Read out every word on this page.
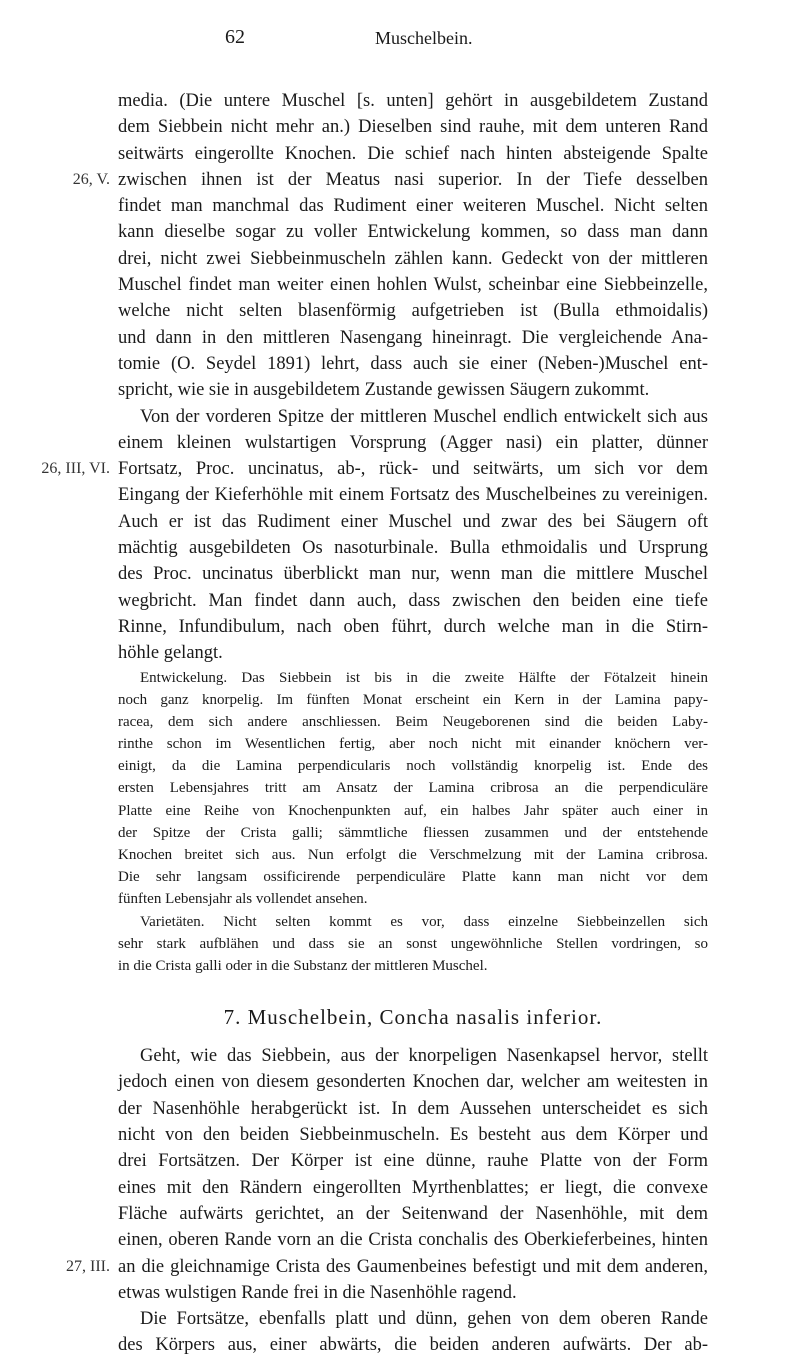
62	Muschelbein.
media. (Die untere Muschel [s. unten] gehört in ausgebildetem Zustand
dem Siebbein nicht mehr an.) Dieselben sind rauhe, mit dem unteren Rand
seitwärts eingerollte Knochen. Die schief nach hinten absteigende Spalte
26, V. zwischen ihnen ist der Meatus nasi superior. In der Tiefe desselben
findet man manchmal das Rudiment einer weiteren Muschel. Nicht selten
kann dieselbe sogar zu voller Entwickelung kommen, so dass man dann
drei, nicht zwei Siebbeinmuscheln zählen kann. Gedeckt von der mittleren
Muschel findet man weiter einen hohlen Wulst, scheinbar eine Siebbeinzelle,
welche nicht selten blasenförmig aufgetrieben ist (Bulla ethmoidalis)
und dann in den mittleren Nasengang hineinragt. Die vergleichende Ana-
tomie (O. Seydel 1891) lehrt, dass auch sie einer (Neben-)Muschel ent-
spricht, wie sie in ausgebildetem Zustande gewissen Säugern zukommt.
Von der vorderen Spitze der mittleren Muschel endlich entwickelt sich aus
einem kleinen wulstartigen Vorsprung (Agger nasi) ein platter, dünner
26, III, VI. Fortsatz, Proc. uncinatus, ab-, rück- und seitwärts, um sich vor dem
Eingang der Kieferhöhle mit einem Fortsatz des Muschelbeines zu vereinigen.
Auch er ist das Rudiment einer Muschel und zwar des bei Säugern oft
mächtig ausgebildeten Os nasoturbinale. Bulla ethmoidalis und Ursprung
des Proc. uncinatus überblickt man nur, wenn man die mittlere Muschel
wegbricht. Man findet dann auch, dass zwischen den beiden eine tiefe
Rinne, Infundibulum, nach oben führt, durch welche man in die Stirn-
höhle gelangt.
Entwickelung. Das Siebbein ist bis in die zweite Hälfte der Fötalzeit hinein
noch ganz knorpelig. Im fünften Monat erscheint ein Kern in der Lamina papy-
racea, dem sich andere anschliessen. Beim Neugeborenen sind die beiden Laby-
rinthe schon im Wesentlichen fertig, aber noch nicht mit einander knöchern ver-
einigt, da die Lamina perpendicularis noch vollständig knorpelig ist. Ende des
ersten Lebensjahres tritt am Ansatz der Lamina cribrosa an die perpendiculäre
Platte eine Reihe von Knochenpunkten auf, ein halbes Jahr später auch einer in
der Spitze der Crista galli; sämmtliche fliessen zusammen und der entstehende
Knochen breitet sich aus. Nun erfolgt die Verschmelzung mit der Lamina cribrosa.
Die sehr langsam ossificirende perpendiculäre Platte kann man nicht vor dem
fünften Lebensjahr als vollendet ansehen.
Varietäten. Nicht selten kommt es vor, dass einzelne Siebbeinzellen sich
sehr stark aufblähen und dass sie an sonst ungewöhnliche Stellen vordringen, so
in die Crista galli oder in die Substanz der mittleren Muschel.
7. Muschelbein, Concha nasalis inferior.
Geht, wie das Siebbein, aus der knorpeligen Nasenkapsel hervor, stellt
jedoch einen von diesem gesonderten Knochen dar, welcher am weitesten in
der Nasenhöhle herabgerückt ist. In dem Aussehen unterscheidet es sich
nicht von den beiden Siebbeinmuscheln. Es besteht aus dem Körper und
drei Fortsätzen. Der Körper ist eine dünne, rauhe Platte von der Form
eines mit den Rändern eingerollten Myrthenblattes; er liegt, die convexe
Fläche aufwärts gerichtet, an der Seitenwand der Nasenhöhle, mit dem
einen, oberen Rande vorn an die Crista conchalis des Oberkieferbeines, hinten
27, III. an die gleichnamige Crista des Gaumenbeines befestigt und mit dem anderen,
etwas wulstigen Rande frei in die Nasenhöhle ragend.
Die Fortsätze, ebenfalls platt und dünn, gehen von dem oberen Rande
des Körpers aus, einer abwärts, die beiden anderen aufwärts. Der ab-
